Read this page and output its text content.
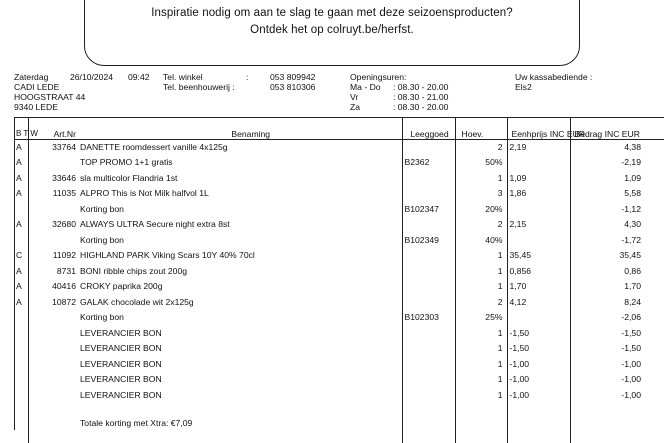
Inspiratie nodig om aan te slag te gaan met deze seizoensproducten?
Ontdek het op colruyt.be/herfst.
Zaterdag	26/10/2024 09:42
CADI LEDE
HOOGSTRAAT 44
9340 LEDE
Tel. winkel	:	053 809942
Tel. beenhouwerij :	053 810306
Openingsuren:
Ma - Do : 08.30 - 20.00
Vr	: 08.30 - 21.00
Za	: 08.30 - 20.00
Uw kassabediende :
Els2
B T W	Art.Nr	Benaming	Leeggoed	Hoev.	Eenhprijs INC EUR	Bedrag INC EUR
A	33764	DANETTE roomdessert vanille 4x125g		2	2,19	4,38
A		TOP PROMO 1+1 gratis	B2362	50%		-2,19
A	33646	sla multicolor Flandria 1st		1	1,09	1,09
A	11035	ALPRO This is Not Milk halfvol 1L		3	1,86	5,58
		Korting bon	B102347	20%		-1,12
A	32680	ALWAYS ULTRA Secure night extra 8st		2	2,15	4,30
		Korting bon	B102349	40%		-1,72
C	11092	HIGHLAND PARK Viking Scars 10Y 40% 70cl		1	35,45	35,45
A	8731	BONI ribble chips zout 200g		1	0,856	0,86
A	40416	CROKY paprika 200g		1	1,70	1,70
A	10872	GALAK chocolade wit 2x125g		2	4,12	8,24
		Korting bon	B102303	25%		-2,06
		LEVERANCIER BON		1	-1,50	-1,50
		LEVERANCIER BON		1	-1,50	-1,50
		LEVERANCIER BON		1	-1,00	-1,00
		LEVERANCIER BON		1	-1,00	-1,00
		LEVERANCIER BON		1	-1,00	-1,00
		Totale korting met Xtra: €7,09				
